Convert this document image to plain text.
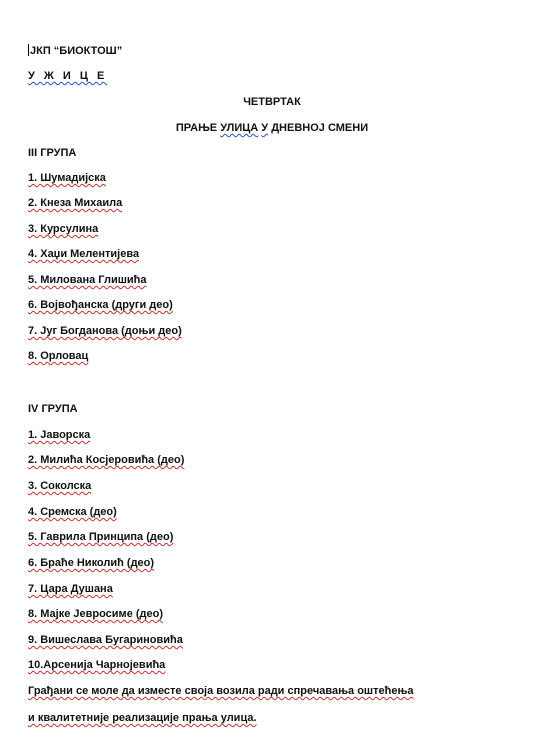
ЈКП “БИОКТОШ”
У Ж И Ц Е
ЧЕТВРТАК
ПРАЊЕ УЛИЦА У ДНЕВНОЈ СМЕНИ
III ГРУПА
1. Шумадијска
2. Кнеза Михаила
3. Курсулина
4. Хаџи Мелентијева
5. Милована Глишића
6. Војвођанска (други део)
7. Југ Богданова (доњи део)
8. Орловац
IV ГРУПА
1. Јаворска
2. Милића Косјеровића (део)
3. Соколска
4. Сремска (део)
5. Гаврила Принципа (део)
6. Браће Николић (део)
7. Цара Душана
8. Мајке Јевросиме (део)
9. Вишеслава Бугариновића
10.Арсенија Чарнојевића
Грађани се моле да изместе своја возила ради спречавања оштећења
и квалитетније реализације прања улица.
